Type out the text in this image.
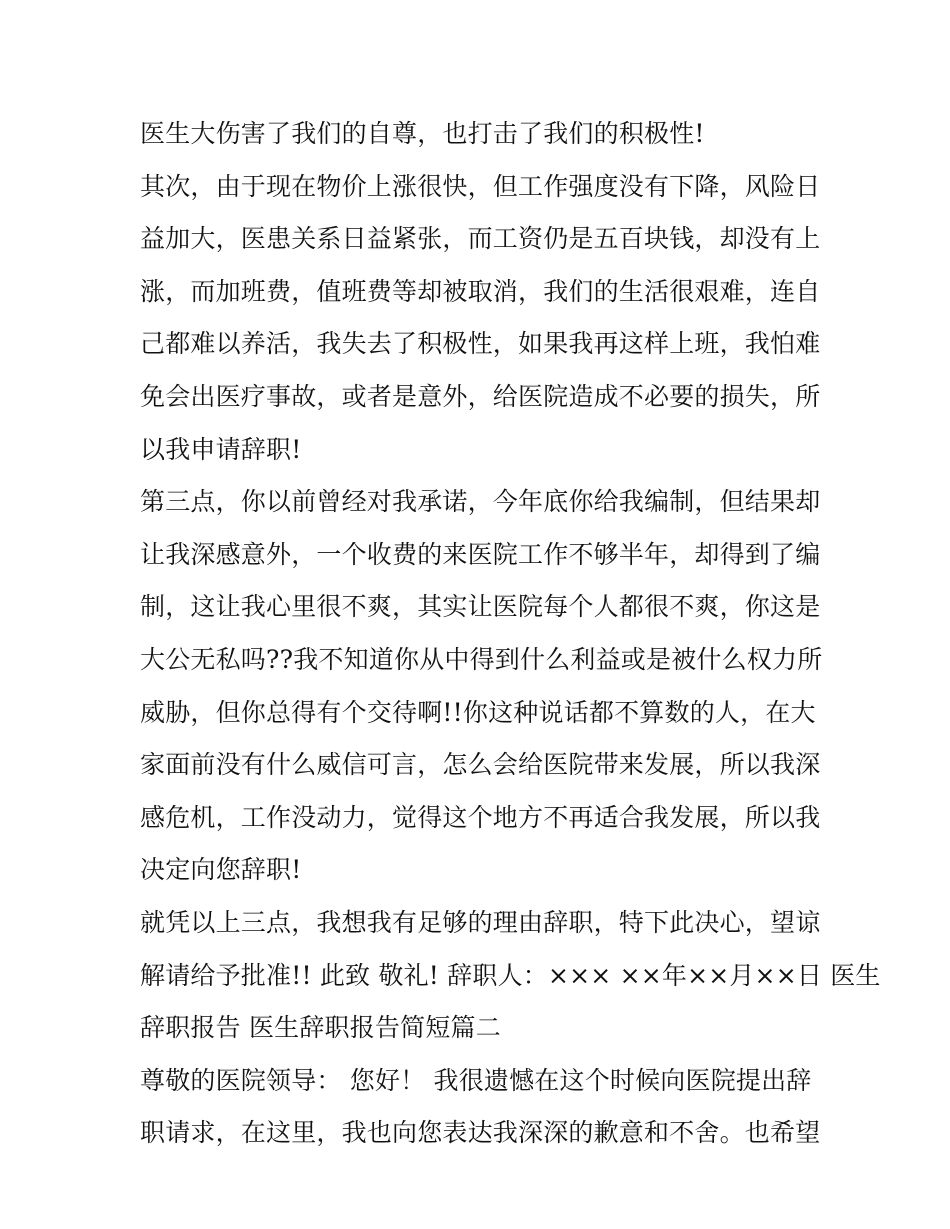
医生大伤害了我们的自尊，也打击了我们的积极性!
其次，由于现在物价上涨很快，但工作强度没有下降，风险日
益加大，医患关系日益紧张，而工资仍是五百块钱，却没有上
涨，而加班费，值班费等却被取消，我们的生活很艰难，连自
己都难以养活，我失去了积极性，如果我再这样上班，我怕难
免会出医疗事故，或者是意外，给医院造成不必要的损失，所
以我申请辞职!
第三点，你以前曾经对我承诺，今年底你给我编制，但结果却
让我深感意外，一个收费的来医院工作不够半年，却得到了编
制，这让我心里很不爽，其实让医院每个人都很不爽，你这是
大公无私吗??我不知道你从中得到什么利益或是被什么权力所
威胁，但你总得有个交待啊!!你这种说话都不算数的人，在大
家面前没有什么威信可言，怎么会给医院带来发展，所以我深
感危机，工作没动力，觉得这个地方不再适合我发展，所以我
决定向您辞职!
就凭以上三点，我想我有足够的理由辞职，特下此决心，望谅
解请给予批准!! 此致 敬礼! 辞职人：××× ××年××月××日 医生
辞职报告 医生辞职报告简短篇二
尊敬的医院领导： 您好！ 我很遗憾在这个时候向医院提出辞
职请求，在这里，我也向您表达我深深的歉意和不舍。也希望
